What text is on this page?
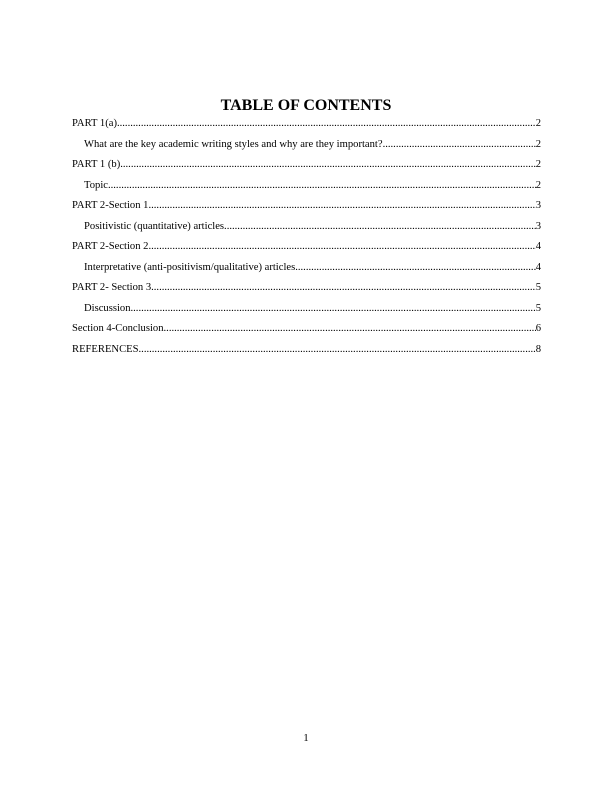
TABLE OF CONTENTS
PART 1(a) .....	2
What are the key academic writing styles and why are they important? .....	2
PART 1 (b) .....	2
Topic .....	2
PART 2-Section 1 .....	3
Positivistic (quantitative) articles .....	3
PART 2-Section 2 .....	4
Interpretative (anti-positivism/qualitative) articles .....	4
PART 2- Section 3 .....	5
Discussion .....	5
Section 4-Conclusion .....	6
REFERENCES .....	8
1
